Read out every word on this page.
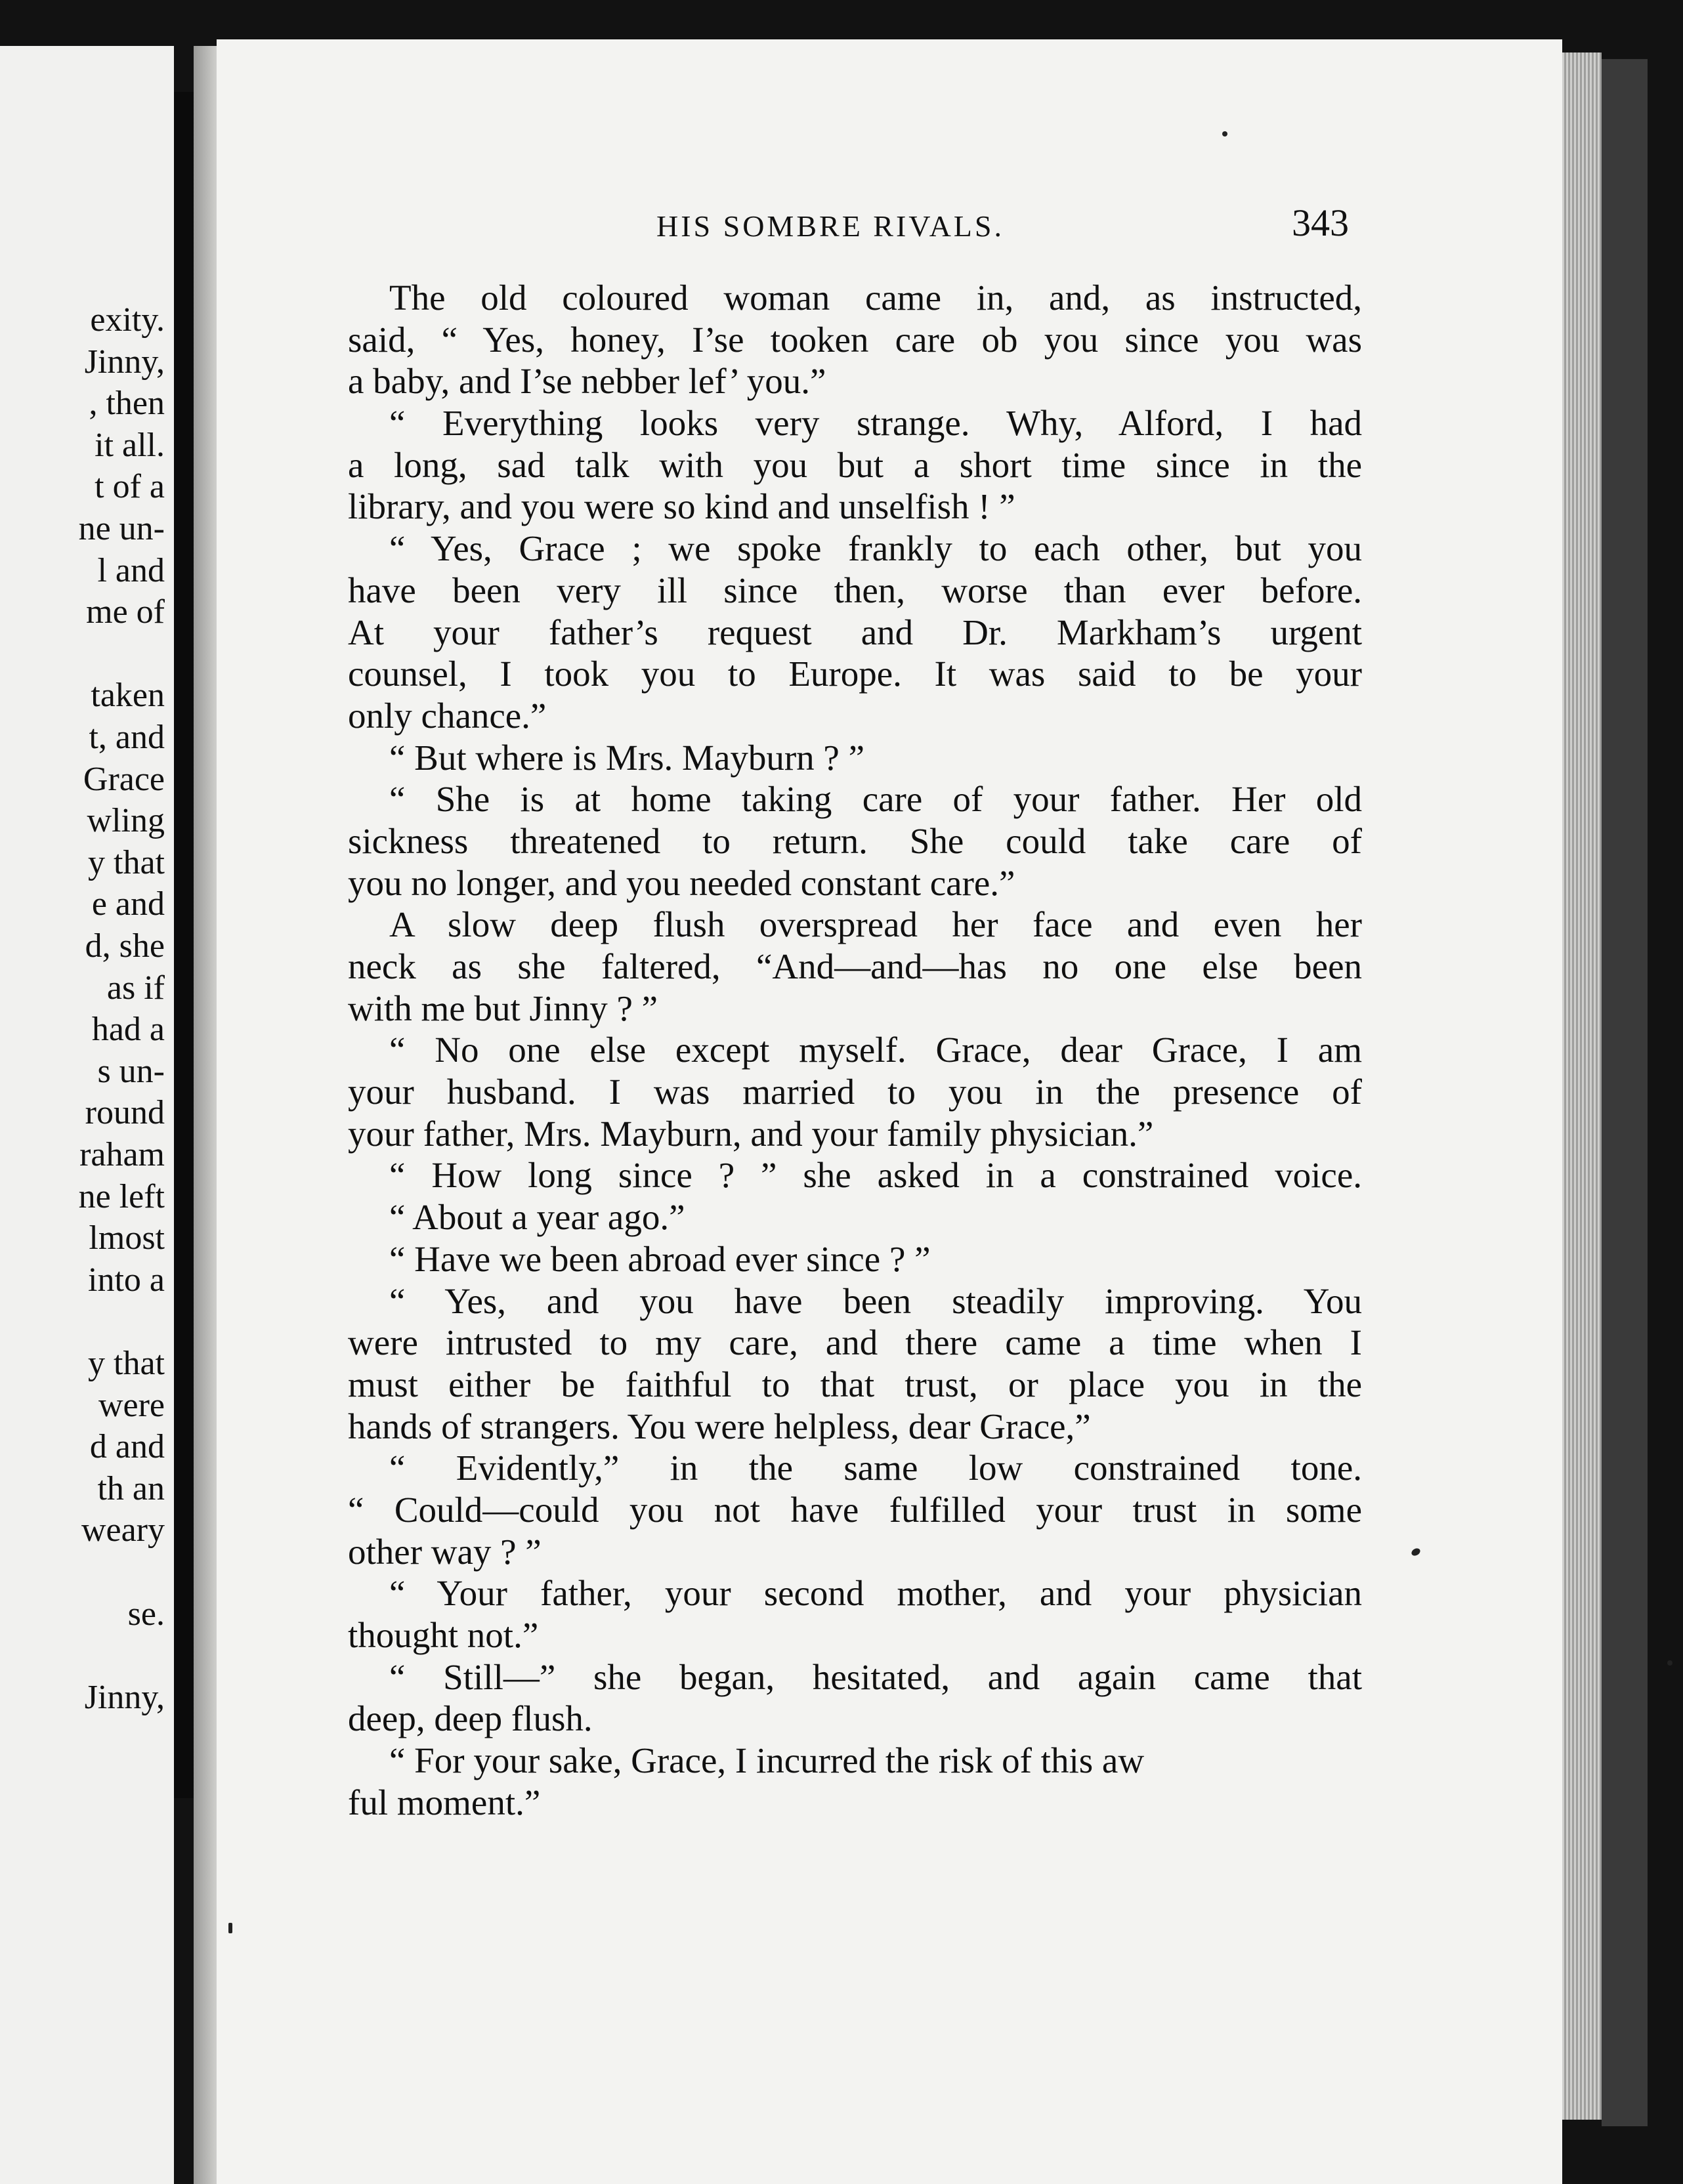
exity.
Jinny,
, then
it all.
t of a
ne un-
l and
me of
taken
t, and
Grace
wling
y that
e and
d, she
as if
had a
s un-
round
raham
ne left
lmost
into a
y that
were
d and
th an
weary
se.
Jinny,
HIS SOMBRE RIVALS.	343
The old coloured woman came in, and, as instructed,
said, “ Yes, honey, I’se tooken care ob you since you was
a baby, and I’se nebber lef’ you.”
“ Everything looks very strange. Why, Alford, I had
a long, sad talk with you but a short time since in the
library, and you were so kind and unselfish ! ”
“ Yes, Grace ; we spoke frankly to each other, but you
have been very ill since then, worse than ever before.
At your father’s request and Dr. Markham’s urgent
counsel, I took you to Europe. It was said to be your
only chance.”
“ But where is Mrs. Mayburn ? ”
“ She is at home taking care of your father. Her old
sickness threatened to return. She could take care of
you no longer, and you needed constant care.”
A slow deep flush overspread her face and even her
neck as she faltered, “And—and—has no one else been
with me but Jinny ? ”
“ No one else except myself. Grace, dear Grace, I am
your husband. I was married to you in the presence of
your father, Mrs. Mayburn, and your family physician.”
“ How long since ? ” she asked in a constrained voice.
“ About a year ago.”
“ Have we been abroad ever since ? ”
“ Yes, and you have been steadily improving. You
were intrusted to my care, and there came a time when I
must either be faithful to that trust, or place you in the
hands of strangers. You were helpless, dear Grace,”
“ Evidently,” in the same low constrained tone.
“ Could—could you not have fulfilled your trust in some
other way ? ”
“ Your father, your second mother, and your physician
thought not.”
“ Still—” she began, hesitated, and again came that
deep, deep flush.
“ For your sake, Grace, I incurred the risk of this aw
ful moment.”
